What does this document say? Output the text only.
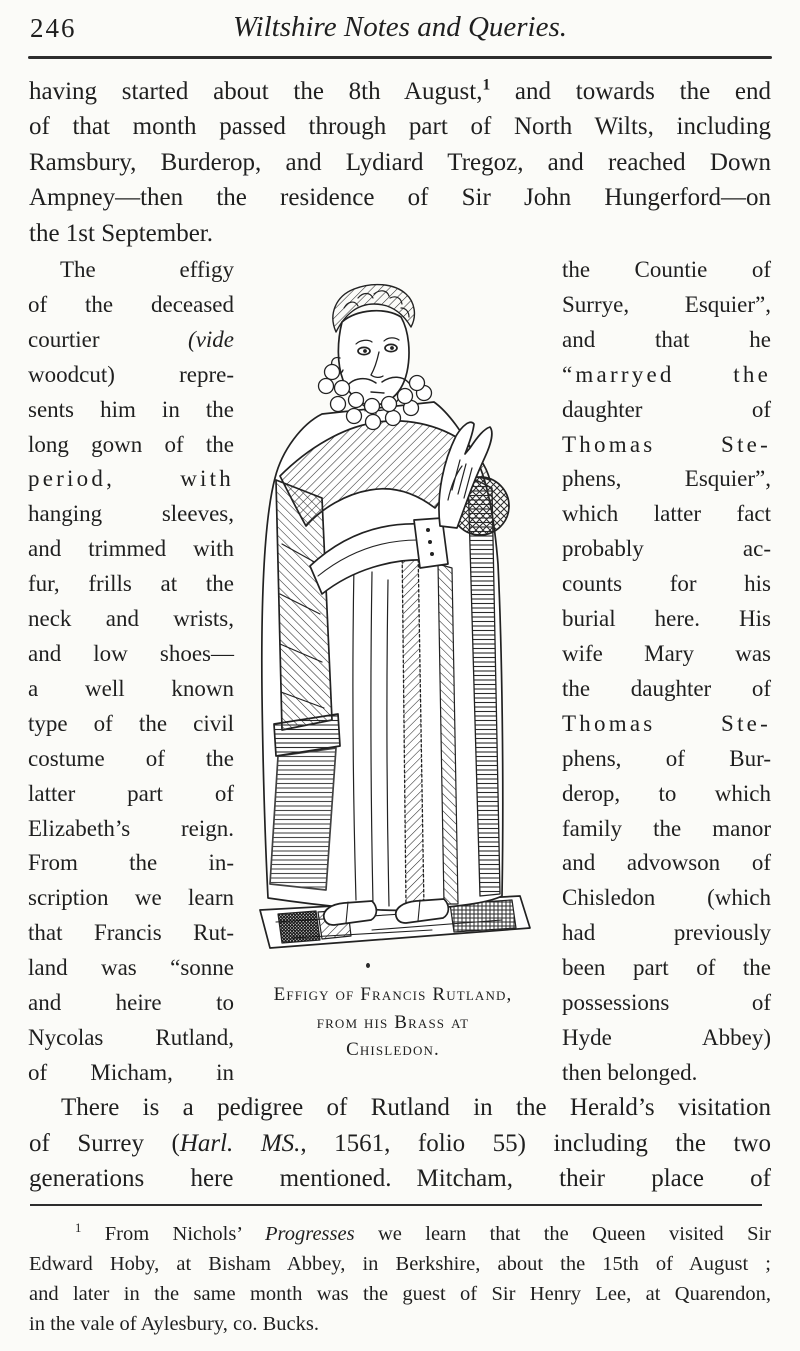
246	Wiltshire Notes and Queries.
having started about the 8th August,$^1$ and towards the end
of that month passed through part of North Wilts, including
Ramsbury, Burderop, and Lydiard Tregoz, and reached Down
Ampney—then the residence of Sir John Hungerford—on
the 1st September.
The effigy
of the deceased
courtier (vide
woodcut) repre-
sents him in the
long gown of the
period, with
hanging sleeves,
and trimmed with
fur, frills at the
neck and wrists,
and low shoes—
a well known
type of the civil
costume of the
latter part of
Elizabeth’s reign.
From the in-
scription we learn
that Francis Rut-
land was “sonne
and heire to
Nycolas Rutland,
of Micham, in
Effigy of Francis Rutland,
from his Brass at
Chisledon.
the Countie of
Surrye, Esquier”,
and that he
“marryed the
daughter of
Thomas Ste-
phens, Esquier”,
which latter fact
probably ac-
counts for his
burial here. His
wife Mary was
the daughter of
Thomas Ste-
phens, of Bur-
derop, to which
family the manor
and advowson of
Chisledon (which
had previously
been part of the
possessions of
Hyde Abbey)
then belonged.
There is a pedigree of Rutland in the Herald’s visitation
of Surrey (Harl. MS., 1561, folio 55) including the two
generations here mentioned. Mitcham, their place of
$^1$ From Nichols’ Progresses we learn that the Queen visited Sir
Edward Hoby, at Bisham Abbey, in Berkshire, about the 15th of August ;
and later in the same month was the guest of Sir Henry Lee, at Quarendon,
in the vale of Aylesbury, co. Bucks.
